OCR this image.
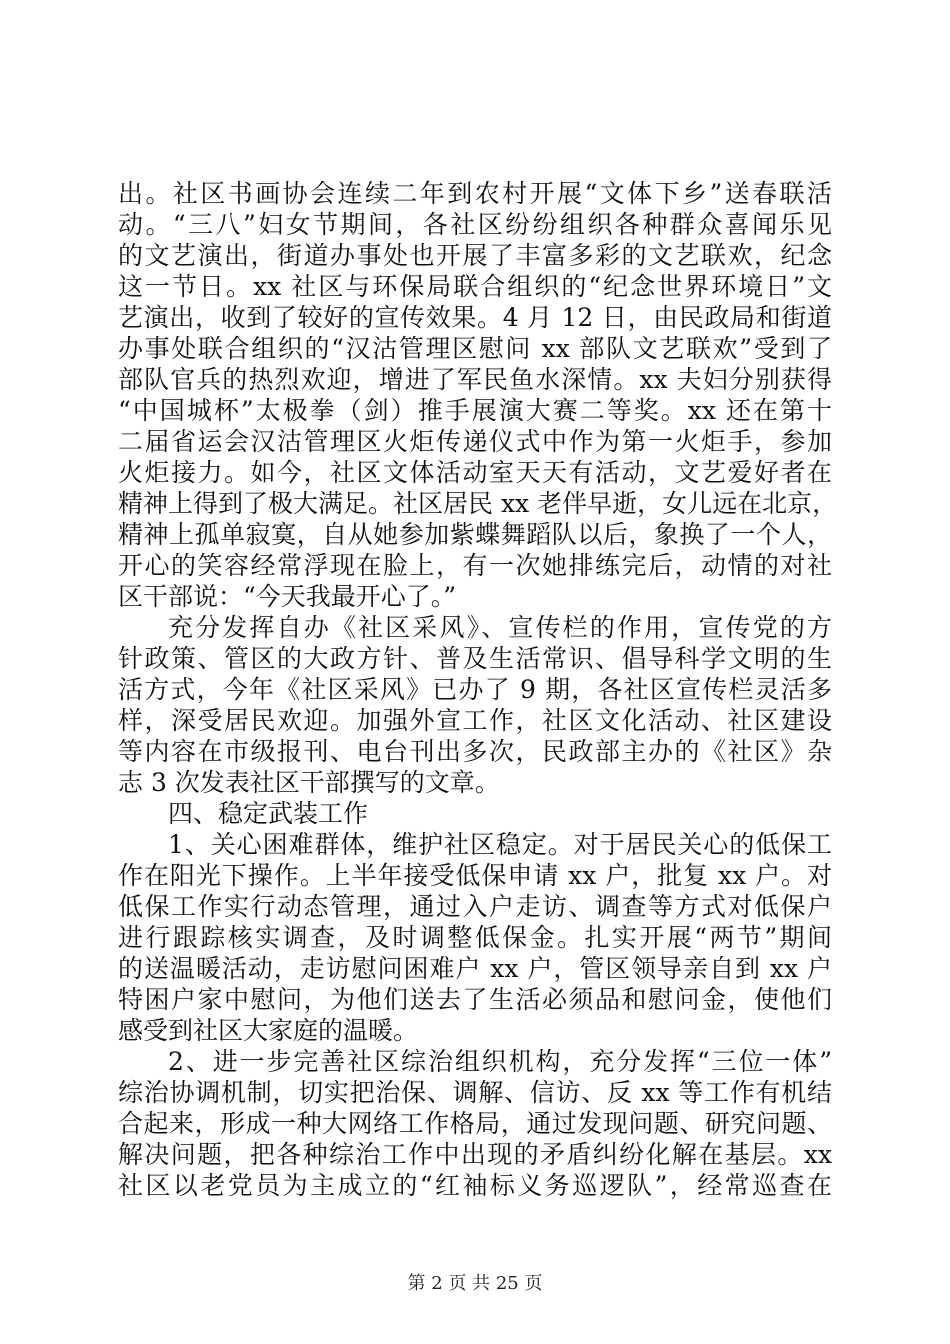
出。社区书画协会连续二年到农村开展“文体下乡”送春联活
动。“三八”妇女节期间，各社区纷纷组织各种群众喜闻乐见
的文艺演出，街道办事处也开展了丰富多彩的文艺联欢，纪念
这一节日。xx 社区与环保局联合组织的“纪念世界环境日”文
艺演出，收到了较好的宣传效果。4 月 12 日，由民政局和街道
办事处联合组织的“汉沽管理区慰问 xx 部队文艺联欢”受到了
部队官兵的热烈欢迎，增进了军民鱼水深情。xx 夫妇分别获得
“中国城杯”太极拳（剑）推手展演大赛二等奖。xx 还在第十
二届省运会汉沽管理区火炬传递仪式中作为第一火炬手，参加
火炬接力。如今，社区文体活动室天天有活动，文艺爱好者在
精神上得到了极大满足。社区居民 xx 老伴早逝，女儿远在北京，
精神上孤单寂寞，自从她参加紫蝶舞蹈队以后，象换了一个人，
开心的笑容经常浮现在脸上，有一次她排练完后，动情的对社
区干部说：“今天我最开心了。”
充分发挥自办《社区采风》、宣传栏的作用，宣传党的方
针政策、管区的大政方针、普及生活常识、倡导科学文明的生
活方式，今年《社区采风》已办了 9 期，各社区宣传栏灵活多
样，深受居民欢迎。加强外宣工作，社区文化活动、社区建设
等内容在市级报刊、电台刊出多次，民政部主办的《社区》杂
志 3 次发表社区干部撰写的文章。
四、稳定武装工作
1、关心困难群体，维护社区稳定。对于居民关心的低保工
作在阳光下操作。上半年接受低保申请 xx 户，批复 xx 户。对
低保工作实行动态管理，通过入户走访、调查等方式对低保户
进行跟踪核实调查，及时调整低保金。扎实开展“两节”期间
的送温暖活动，走访慰问困难户 xx 户，管区领导亲自到 xx 户
特困户家中慰问，为他们送去了生活必须品和慰问金，使他们
感受到社区大家庭的温暖。
2、进一步完善社区综治组织机构，充分发挥“三位一体”
综治协调机制，切实把治保、调解、信访、反 xx 等工作有机结
合起来，形成一种大网络工作格局，通过发现问题、研究问题、
解决问题，把各种综治工作中出现的矛盾纠纷化解在基层。xx
社区以老党员为主成立的“红袖标义务巡逻队”，经常巡查在
第 2 页 共 25 页
